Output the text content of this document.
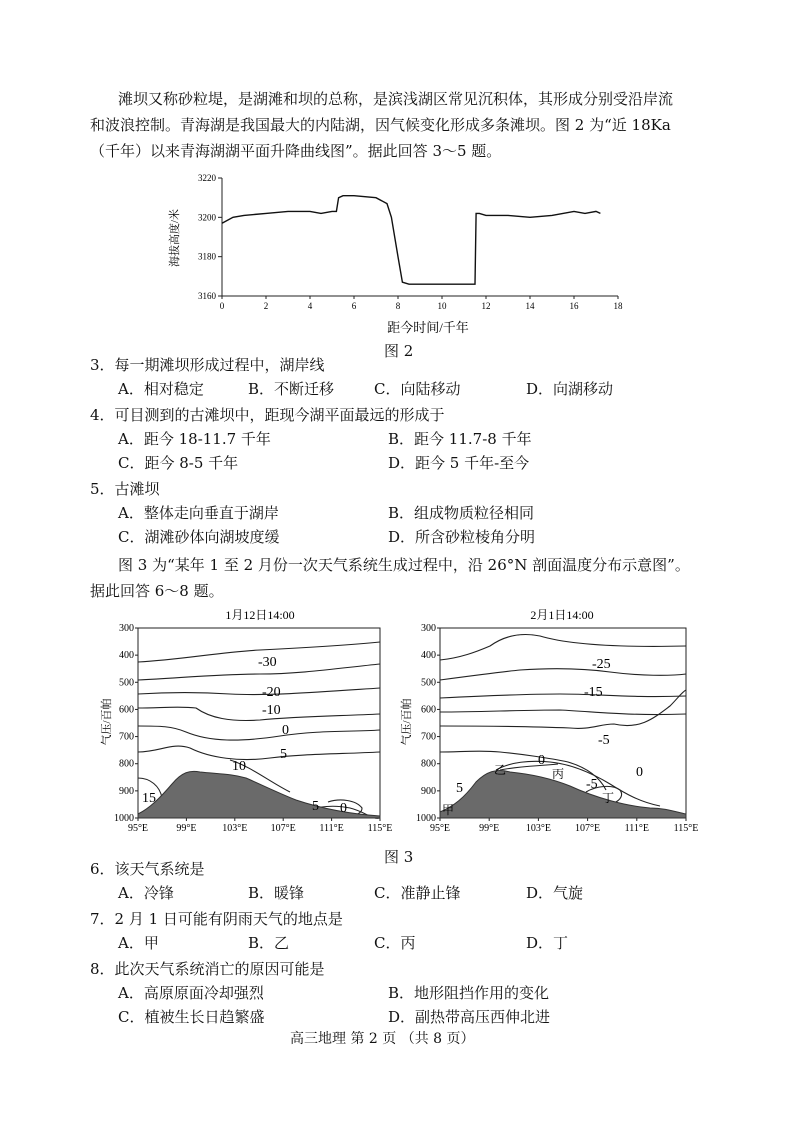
滩坝又称砂粒堤，是湖滩和坝的总称，是滨浅湖区常见沉积体，其形成分别受沿岸流
和波浪控制。青海湖是我国最大的内陆湖，因气候变化形成多条滩坝。图 2 为“近 18Ka
（千年）以来青海湖湖平面升降曲线图”。据此回答 3～5 题。
3220
3200
3180
3160
0	2	4	6	8	10	12	14	16	18
海拔高度/米
距今时间/千年
图 2
3．每一期滩坝形成过程中，湖岸线
A．相对稳定	B．不断迁移	C．向陆移动	D．向湖移动
4．可目测到的古滩坝中，距现今湖平面最远的形成于
A．距今 18-11.7 千年	B．距今 11.7-8 千年
C．距今 8-5 千年	D．距今 5 千年-至今
5．古滩坝
A．整体走向垂直于湖岸	B．组成物质粒径相同
C．湖滩砂体向湖坡度缓	D．所含砂粒棱角分明
图 3 为“某年 1 至 2 月份一次天气系统生成过程中，沿 26°N 剖面温度分布示意图”。
据此回答 6～8 题。
1月12日14:00
气压/百帕
300
400
500
600
700
800
900
1000
95°E	99°E	103°E 107°E 111°E 115°E
-30
-20
-10
0
5
10
5 0
15
2月1日14:00
气压/百帕
300
400
500
600
700
800
900
1000
95°E	99°E	103°E 107°E 111°E 115°E
-25
-15
-5
-5
0
0
5
甲
乙	丙
丁
图 3
6．该天气系统是
A．冷锋	B．暖锋	C．准静止锋	D．气旋
7．2 月 1 日可能有阴雨天气的地点是
A．甲	B．乙	C．丙	D．丁
8．此次天气系统消亡的原因可能是
A．高原原面冷却强烈	B．地形阻挡作用的变化
C．植被生长日趋繁盛	D．副热带高压西伸北进
高三地理 第 2 页 （共 8 页）
